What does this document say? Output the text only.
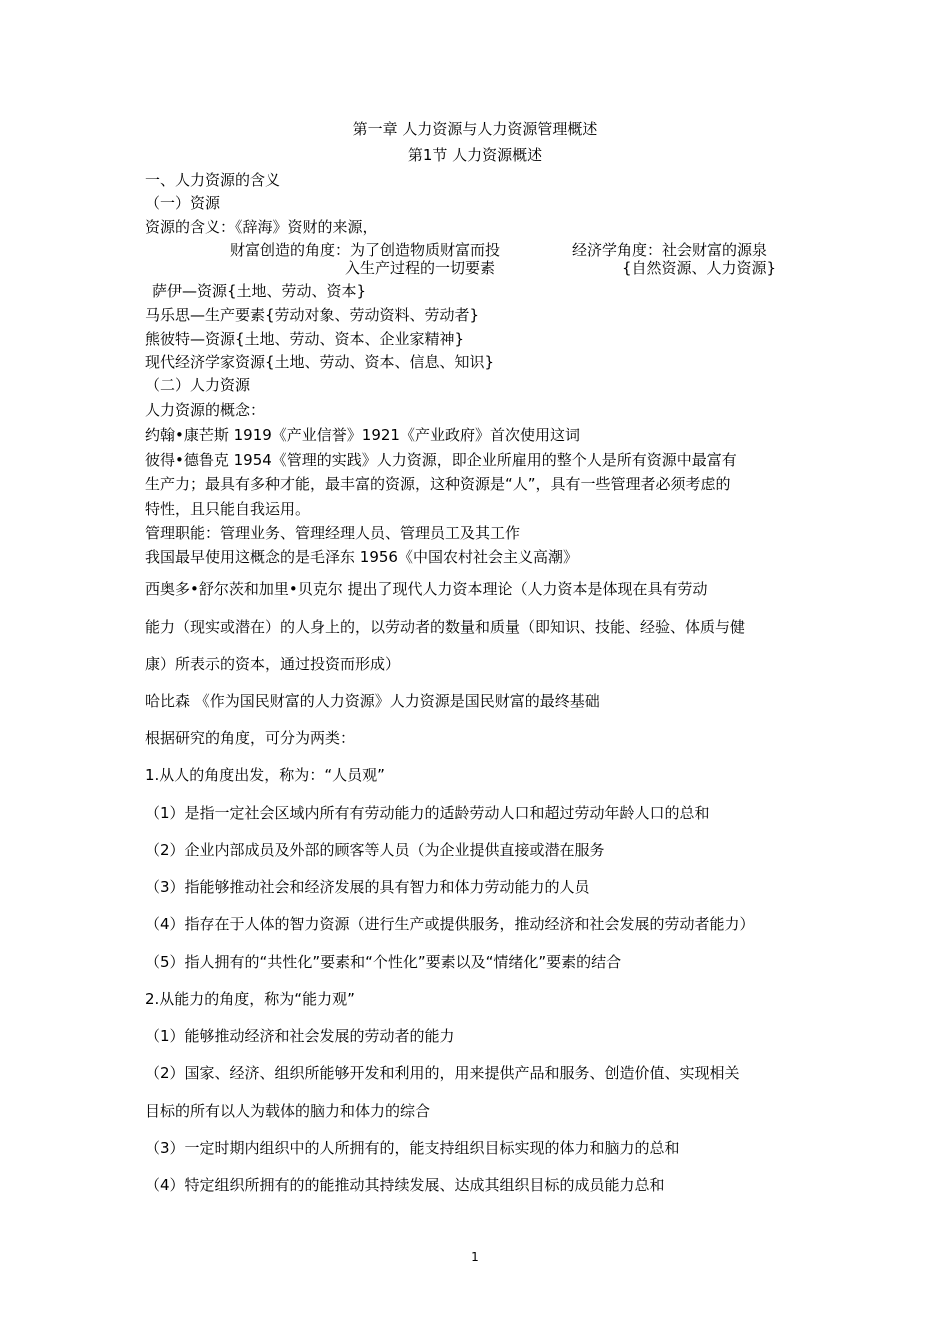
第一章 人力资源与人力资源管理概述
第1节 人力资源概述
一、人力资源的含义
（一）资源
资源的含义：《辞海》资财的来源，
财富创造的角度：为了创造物质财富而投	经济学角度：社会财富的源泉
入生产过程的一切要素	{自然资源、人力资源}
萨伊—资源{土地、劳动、资本}
马乐思—生产要素{劳动对象、劳动资料、劳动者}
熊彼特—资源{土地、劳动、资本、企业家精神}
现代经济学家资源{土地、劳动、资本、信息、知识}
（二）人力资源
人力资源的概念：
约翰•康芒斯 1919《产业信誉》1921《产业政府》首次使用这词
彼得•德鲁克 1954《管理的实践》人力资源，即企业所雇用的整个人是所有资源中最富有
生产力；最具有多种才能，最丰富的资源，这种资源是“人”，具有一些管理者必须考虑的
特性，且只能自我运用。
管理职能：管理业务、管理经理人员、管理员工及其工作
我国最早使用这概念的是毛泽东 1956《中国农村社会主义高潮》
西奥多•舒尔茨和加里•贝克尔 提出了现代人力资本理论（人力资本是体现在具有劳动
能力（现实或潜在）的人身上的，以劳动者的数量和质量（即知识、技能、经验、体质与健
康）所表示的资本，通过投资而形成）
哈比森 《作为国民财富的人力资源》人力资源是国民财富的最终基础
根据研究的角度，可分为两类：
1.从人的角度出发，称为：“人员观”
（1）是指一定社会区域内所有有劳动能力的适龄劳动人口和超过劳动年龄人口的总和
（2）企业内部成员及外部的顾客等人员（为企业提供直接或潜在服务
（3）指能够推动社会和经济发展的具有智力和体力劳动能力的人员
（4）指存在于人体的智力资源（进行生产或提供服务，推动经济和社会发展的劳动者能力）
（5）指人拥有的“共性化”要素和“个性化”要素以及“情绪化”要素的结合
2.从能力的角度，称为“能力观”
（1）能够推动经济和社会发展的劳动者的能力
（2）国家、经济、组织所能够开发和利用的，用来提供产品和服务、创造价值、实现相关
目标的所有以人为载体的脑力和体力的综合
（3）一定时期内组织中的人所拥有的，能支持组织目标实现的体力和脑力的总和
（4）特定组织所拥有的的能推动其持续发展、达成其组织目标的成员能力总和
1
